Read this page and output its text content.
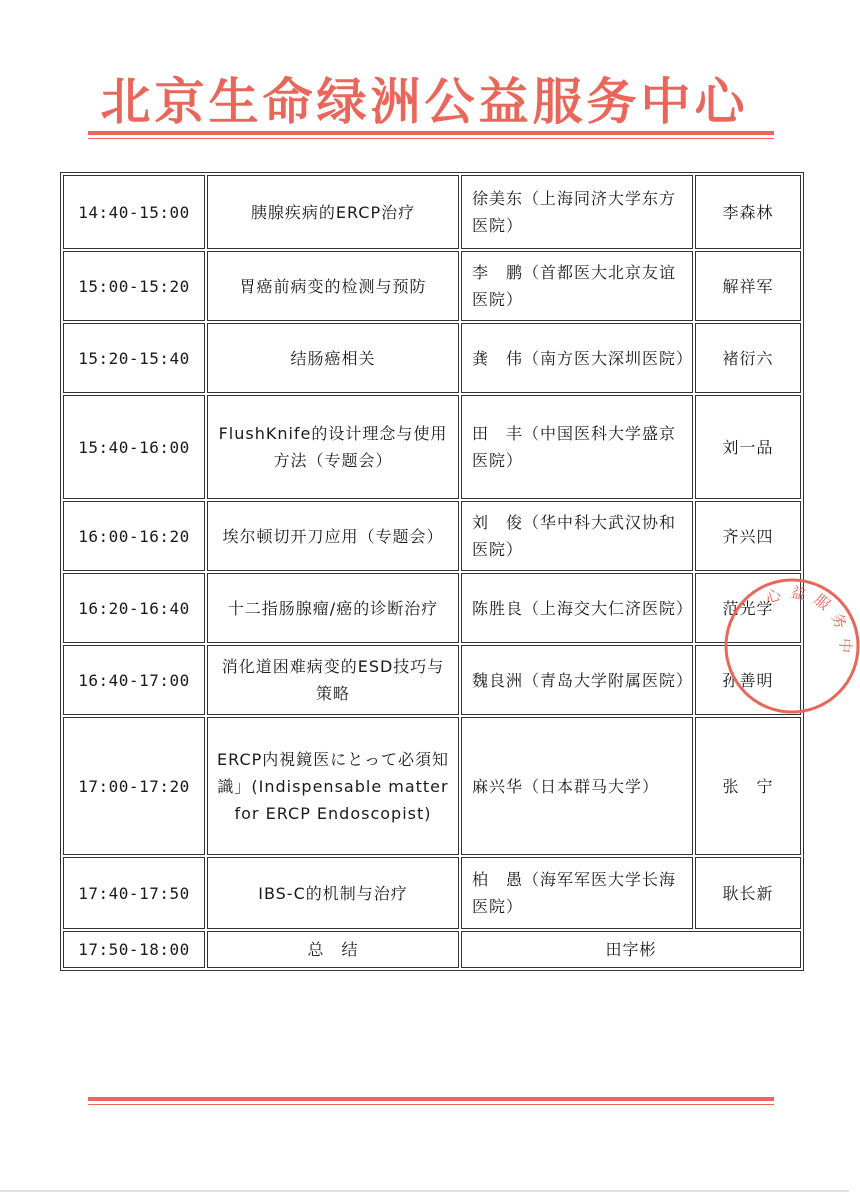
北京生命绿洲公益服务中心
14:40-15:00	胰腺疾病的ERCP治疗	徐美东（上海同济大学东方医院）	李森林
15:00-15:20	胃癌前病变的检测与预防	李　鹏（首都医大北京友谊医院）	解祥军
15:20-15:40	结肠癌相关	龚　伟（南方医大深圳医院）	褚衍六
15:40-16:00	FlushKnife的设计理念与使用方法（专题会）	田　丰（中国医科大学盛京医院）	刘一品
16:00-16:20	埃尔顿切开刀应用（专题会）	刘　俊（华中科大武汉协和医院）	齐兴四
16:20-16:40	十二指肠腺瘤/癌的诊断治疗	陈胜良（上海交大仁济医院）	范光学
16:40-17:00	消化道困难病变的ESD技巧与策略	魏良洲（青岛大学附属医院）	孙善明
17:00-17:20	ERCP内視鏡医にとって必須知識」(Indispensable matter for ERCP Endoscopist)	麻兴华（日本群马大学）	张　宁
17:40-17:50	IBS-C的机制与治疗	柏　愚（海军军医大学长海医院）	耿长新
17:50-18:00	总　结	田字彬	
心益服务中
